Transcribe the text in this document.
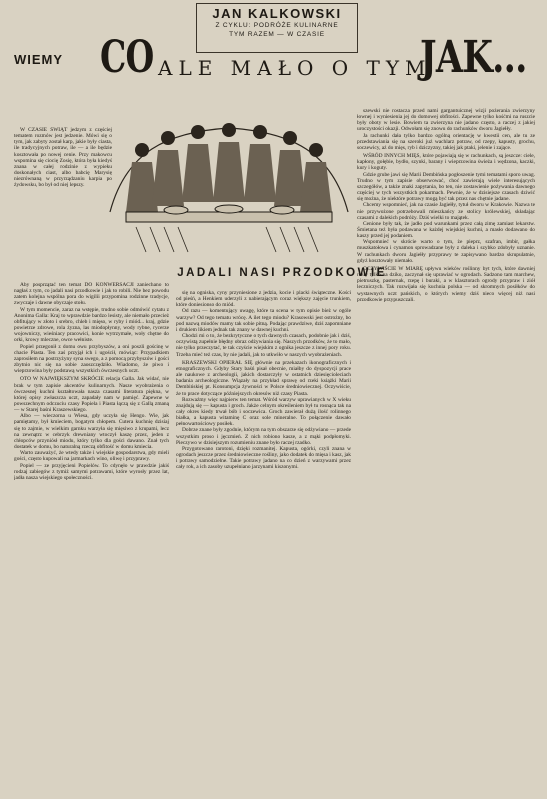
JAN KALKOWSKI
Z CYKLU: PODRÓŻE KULINARNE
TYM RAZEM — W CZASIE
WIEMY CO ALE MAŁO O TYM
JAK...
JADALI NASI PRZODKOWIE

W CZASIE ŚWIĄT jedzym z częściej tematem rozmów jest jedzenie. Mówi się o tym, jak zabyty został karp, jakie były ciasta, ile tradycyjnych potraw, ile — a ile będzie kosztowała po nowej cenie. Przy makowcu wspomina się ciocię Zosię, która była kiedyś znana w całej rodzinie z wypieku doskonałych ciast, albo babcię Marysię niezrównaną w przyrządzaniu karpia po żydowsku, bo był od niej lepszy.

Aby posprzątać ten temat DO KONWERSACJI zaniechano to nagłaś z tym, co jadali nasi przodkowie i jak to robili. Nie bez powodu zatem kolejna wspólna pora do wigilii przypomina rodzinne tradycje, zwyczaje i dawne obyczaje stołu.

W tym momencie, zaraz na wstępie, trudno sobie odmówić cytatu z Anonima Galla: Kraj to wprawdzie bardzo lesisty, ale niemało przecież obfitujący w złoto i srebro, chleb i mięso, w ryby i miód... kraj, gdzie powietrze zdrowe, rola żyzna, las miodopłynny, wody rybne, rycerze wojowniczy, wieśniacy pracowici, konie wytrzymałe, woły chętne do orki, krowy mleczne, owce wełniste.

Popiel przegonił z domu owu przybyszów, a oni poszli gościnę w chacie Piasta. Ten zaś przyjął ich i ugościł, mówiąc: Przypadkiem zaprosiłem na postrzyżyny syna swego, a z pomocą przybyszów i gości zbytnio nic się na sobie zaoszczędziło. Wiadomo, że piwo i wieprzowina były podstawą wszystkich ówczesnych uczt.

OTO W NAJWIĘKSZYM SKRÓCIE relacja Galla. Jak widać, nie brak w tym zapisie akcentów kulinarnych. Nasze wyobrażenia o ówczesnej kuchni kształtowała nasza czasami literatura piękna, w której opisy zwłaszcza uczt, zapadały nam w pamięć. Zapewne w powszechnym odczuciu czasy Popiela i Piasta łączą się z Gallą zmaną — w Starej baśni Kraszewskiego.

Albo — wieczorna u Wiesa, gdy uczyła się Hengo. Wie, jak pamiętamy, był kmieciem, bogatym chłopem. Cutera kuchnię dzisiaj się to zajmie, w wielkim garnku warzyła się mięsiwo z krupami, lecz na zewnątrz w cebrzyk drewniany wtoczył kaszę przez, jeden z chłopców przyniósł miodu, który tylko dla gości dawano. Znał tych dostatek w domu, bo naturalną rzeczą obfitość w domu kmiecia.

Warto zauważyć, że wtedy także i wiejskie gospodarstwa, gdy mieli gości, często kupowali na jarmarkach wino, oliwę i przyprawy.

Popiel — ze przyjęcieni Popielów. To cdynęło w prawdzie jakiś rodzaj zabiegów z tymiż samymi potrawami, które wyrosły przez lat, jadła nasza wiejskiego społeczności.

się na ogniska, cyny przyniesione z jedzia, kocie i placki świąteczne. Kości od pieśń, a Henkiem uderzyli z nabierającym coraz większy zajęcie trunkiem, które doniesionso do miód.

Od razu — komentujący uwagę, które ta scena w tym opisie bież w ogóle warzyw? Od tego tematu wrócę. A ilet tego miodu? Krasowski jest ostrożny, bo pod nazwą miodów mamy tak sobie pitną. Podając prawdziwe, dziś zapomniane i drukiem likiem jednak tak znany w dawnej kuchni.

Chodzi mi o to, że bezkrytyczne o tych dawnych czasach, podobnie jak i dziś, oczywistą zupełnie błędny obraz odżywiania się. Naszych przodków, że to mało, nie tylko przeczytać, te tak czyście wiejskim z ognika jeszcze z innej pory roku. Trzeba mieć też czas, by nie jadali, jak to utkwiło w naszych wyobrażeniach.

KRASZEWSKI OPIERAŁ SIĘ głównie na przekazach ikonograficznych i etnograficznych. Gdyby Stary baśń pisał obecnie, miałby do dyspozycji prace ale naukowe z archeologii, jakich dostarczyły w ostatnich dziesięcioleciach badania archeologiczne. Wiązały na przykład sprawę od rzeki książki Marii Dembińskiej pt. Konsumpcja żywności w Polsce średniowiecznej. Oczywiście, że to prace dotyczące późniejszych okresów niż czasy Piasta.

Rozważmy więc najpierw ten temat. Wśród warzyw uprawianych w X wieku znajdują się — kapusta i groch. Jakże celnym określeniem był tu rosnąca tak na cały okres kiedy trwał bób i soczewica. Groch zawierał dużą ilość rolinnego białka, a kapusta witaminę C oraz sole mineralne. To połączenie dawało pełnowartościowy posiłek.

Dobrze znane były zgodnie, którym na tym obszarze się odżywiano — przede wszystkim proso i jęczmień. Z nich robiono kasze, a z mąki podpłomyki. Pieczywo w dzisiejszym rozumieniu znane było raczej rzadko.

Przygotowano rarotoni, dzięki rozmanitej. Kapusta, ogórki, czyli znana w ogrodach jeszcze przez średniowieczne rośliny, jako dodatek do mięsa i kasz, jak i potrawy samodzielne. Takie potrawy jadano na co dzień z warzywami przez cały rok, a ich zasoby uzupełniano jarzynami kiszonymi.

szewski nie rostacza przed nami gargantuicznej wizji pożerania zwierzyny łownej i wyniesienia jej do domowej obfitości. Zapewne tylko kośćmi na ruszcie były oboty w lesie. Bowiem ta zwierzyna nie jadano często, a raczej z jakiej uroczystości okazji. Odwołam się znowu do rachunków dworu Jagiełły.

Ja rachunki dała tylko bardzo ogólną orientację w kwestii cen, ale tu ze przedstawiania się na szeroki już wachlarz potraw, od rzepy, kapusty, grochu, soczewicy, aż do mięs, ryb i dziczyzny, takiej jak ptaki, jelenie i zające.

WŚRÓD INNYCH MIĘS, które pojawiają się w rachunkach, są jeszcze: ciele, kapłony, gołębie, bydło, szynki, barany i wieprzowina świeża i wędzona, kaczki, kury i koguty.

Gdzie grube jawi się Marii Dembińska pogłoszenie tymi tematami sporo uwag. Trudno w tym zapisie obserwować, choć zawierają wiele interesujących szczegółów, a także znaki zapytania, bo ten, nie zostawienie pożywania dawnego częściej w tych wszystkich pokarmach. Pewnie, że w dzisiejsze czasach dziwić się można, że niektóre potrawy mogą być tak przez nas chętnie jadane.

Chcemy wspomnieć, jak na czasie Jagiełły, tytuł dworu w Krakowie. Nazwa te nie przywożone potrzebowali mieszkańcy ze stolicy królewskiej, składając czasami z dalekich podróży. Dziś wielki to majątek.

Cenione były tak, że jadło pod warunkami przez całą zimę zamiast lekarstw. Śmietana też była podawana w każdej wiejskiej kuchni, a masło dodawano do kaszy przed jej podaniem.

Wspomnieć w skrócie warto o tym, że pieprz, szafran, imbir, gałka muszkatołowa i cynamon sprowadzane były z daleka i szybko zdobyły uznanie. W rachunkach dworu Jagiełły przyprawy te zapisywano bardzo skrupulatnie, gdyż kosztowały niemało.

OCZYWIŚCIE W MIARĘ upływu wieków roślinny byt tych, które dawniej rosły tylko na dziko, zaczynał się uprawiać w ogrodach. Sadzono tam marchew, pietruszkę, pasternak, rzepę i buraki, a w klasztorach ogrody przypraw i ziół leczniczych. Tak rozwijała się kuchnia polska — od skromnych posiłków do wystawnych uczt pańskich, o których wiemy dziś nieco więcej niż nasi przodkowie przypuszczali.
